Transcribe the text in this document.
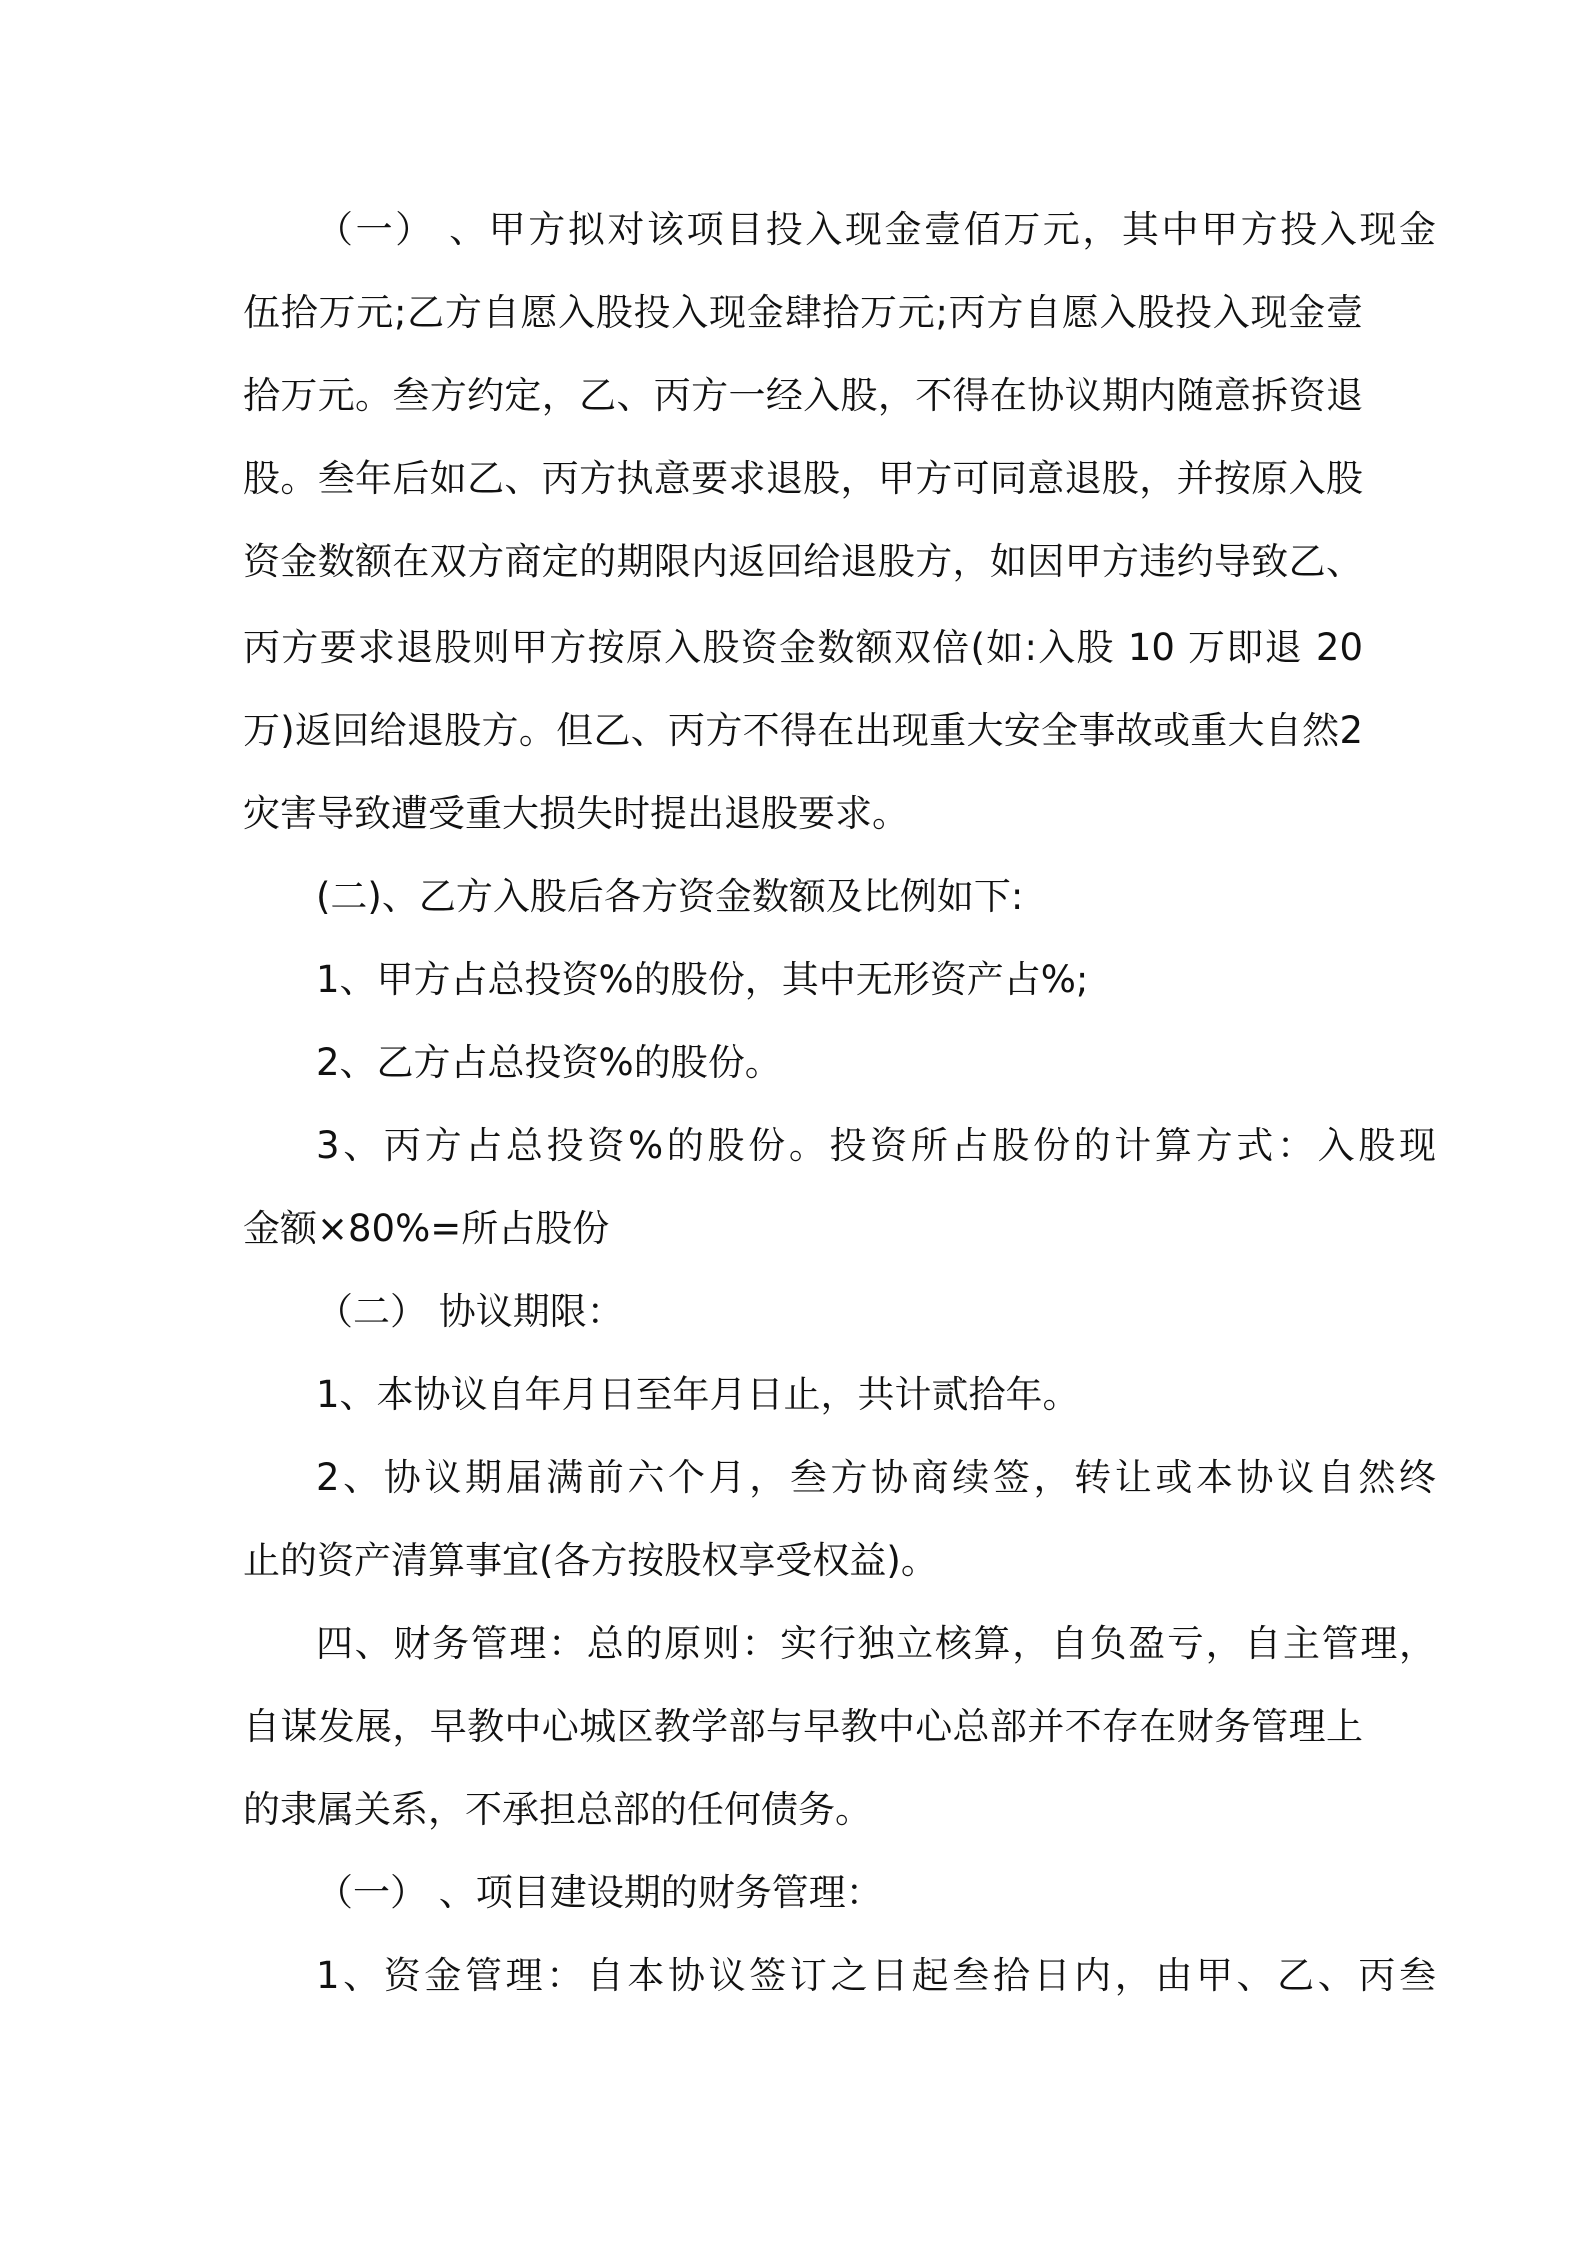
（一） 、甲方拟对该项目投入现金壹佰万元，其中甲方投入现金
伍拾万元;乙方自愿入股投入现金肆拾万元;丙方自愿入股投入现金壹
拾万元。叁方约定，乙、丙方一经入股，不得在协议期内随意拆资退
股。叁年后如乙、丙方执意要求退股，甲方可同意退股，并按原入股
资金数额在双方商定的期限内返回给退股方，如因甲方违约导致乙、
丙方要求退股则甲方按原入股资金数额双倍(如:入股 10 万即退 20
万)返回给退股方。但乙、丙方不得在出现重大安全事故或重大自然2
灾害导致遭受重大损失时提出退股要求。
(二)、乙方入股后各方资金数额及比例如下:
1、甲方占总投资%的股份，其中无形资产占%;
2、乙方占总投资%的股份。
3、丙方占总投资%的股份。投资所占股份的计算方式：入股现
金额×80%=所占股份
（二） 协议期限：
1、本协议自年月日至年月日止，共计贰拾年。
2、协议期届满前六个月，叁方协商续签，转让或本协议自然终
止的资产清算事宜(各方按股权享受权益)。
四、财务管理：总的原则：实行独立核算，自负盈亏，自主管理，
自谋发展，早教中心城区教学部与早教中心总部并不存在财务管理上
的隶属关系，不承担总部的任何债务。
（一） 、项目建设期的财务管理：
1、资金管理：自本协议签订之日起叁拾日内，由甲、乙、丙叁
